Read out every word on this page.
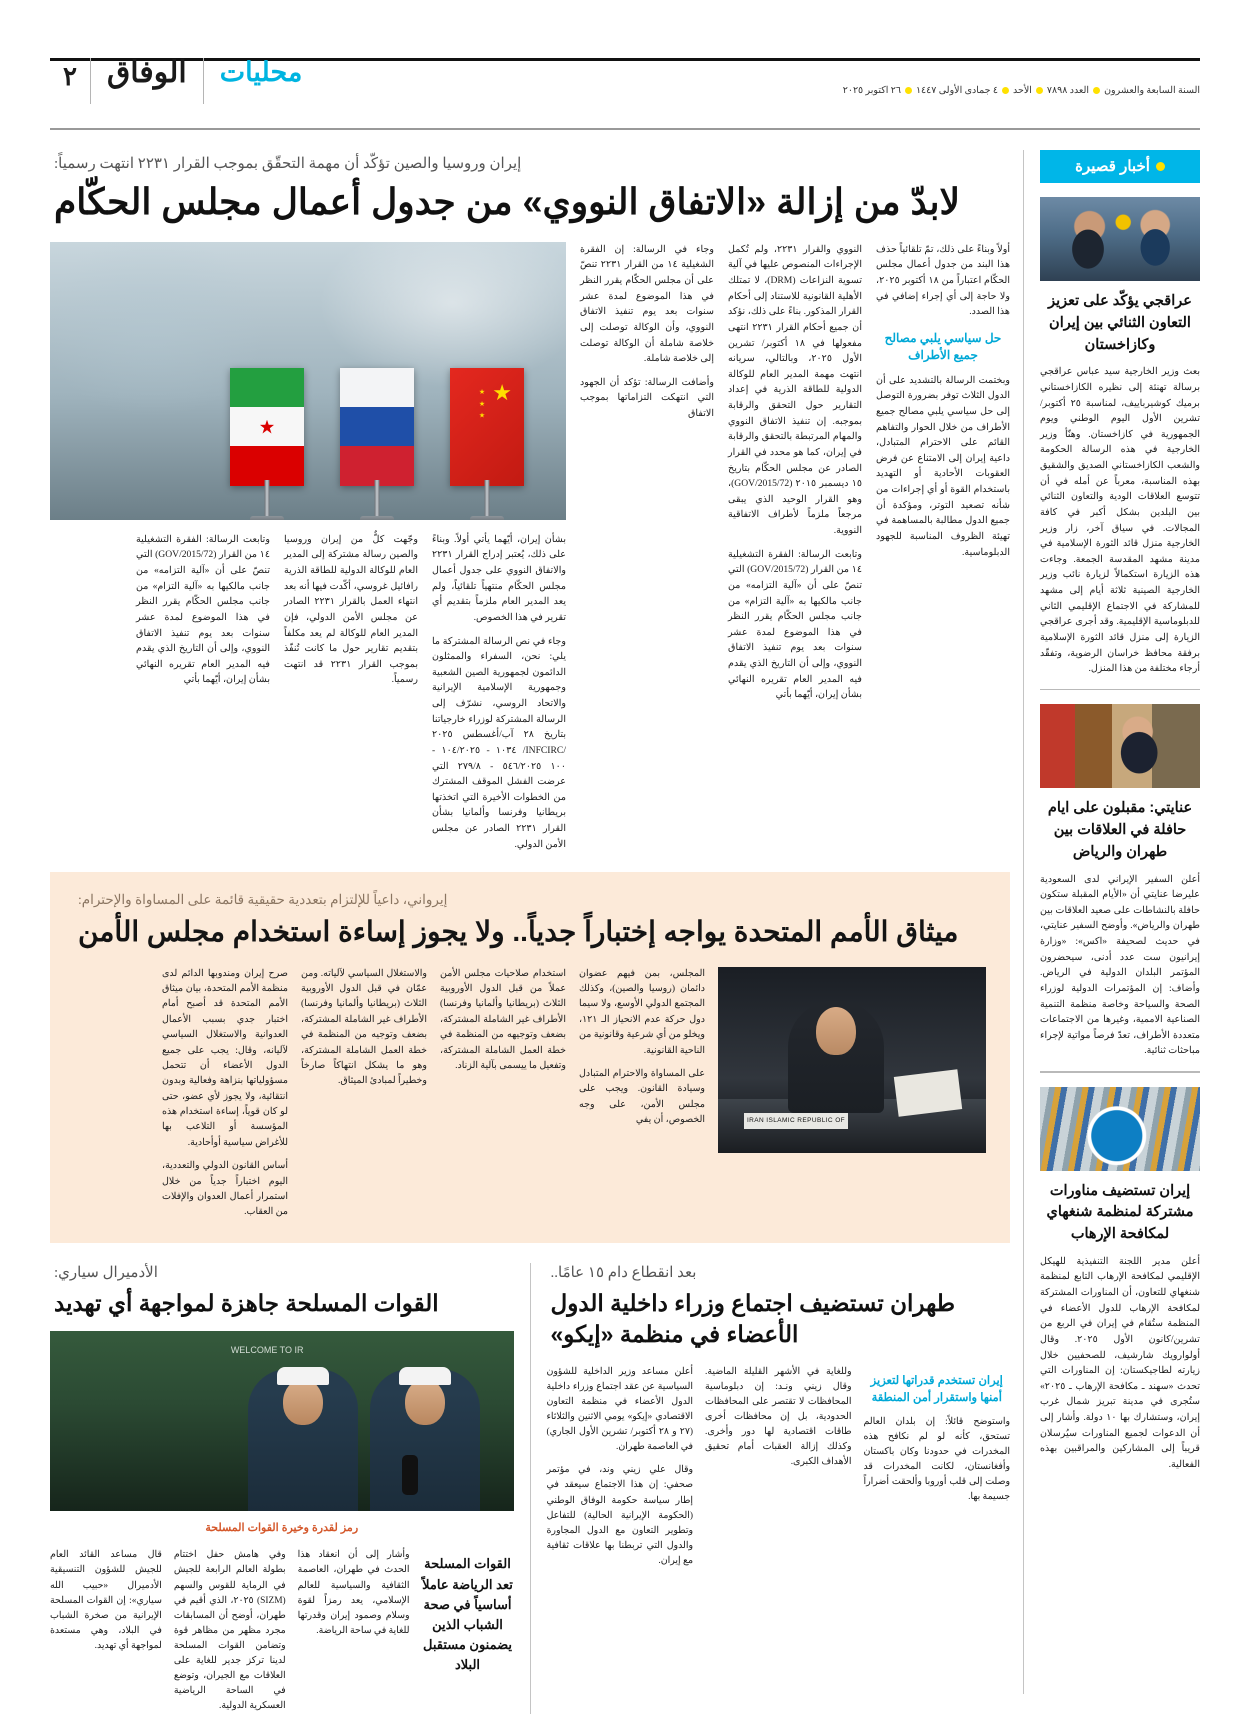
السنة السابعة والعشرون
العدد ٧٨٩٨
الأحد
٤ جمادى الأولى ١٤٤٧
٢٦ اكتوبر ٢٠٢٥
محليات
الوفاق
٢
أخبار قصيرة
عراقجي يؤكّد على تعزيز التعاون الثنائي بين إيران وكازاخستان
بعث وزير الخارجية سيد عباس عراقجي برسالة تهنئة إلى نظيره الكازاخستاني برمیك كوشیرباییف، لمناسبة ٢٥ أكتوبر/تشرين الأول اليوم الوطني ويوم الجمهورية في كازاخستان. وهنّأ وزير الخارجية في هذه الرسالة الحكومة والشعب الكازاخستاني الصديق والشقيق بهذه المناسبة، معرباً عن أمله في أن تتوسع العلاقات الودية والتعاون الثنائي بين البلدين بشكل أكبر في كافة المجالات. في سياق آخر، زار وزير الخارجية منزل قائد الثورة الإسلامية في مدينة مشهد المقدسة الجمعة. وجاءت هذه الزيارة استكمالاً لزيارة نائب وزير الخارجية الصينية ثلاثة أيام إلى مشهد للمشاركة في الاجتماع الإقليمي الثاني للدبلوماسية الإقليمية. وقد أجرى عراقجي الزيارة إلى منزل قائد الثورة الإسلامية برفقة محافظ خراسان الرضوية، وتفقّد أرجاء مختلفة من هذا المنزل.
عنايتي: مقبلون على ايام حافلة في العلاقات بين طهران والرياض
أعلن السفير الإيراني لدى السعودية عليرضا عنايتي أن «الأيام المقبلة ستكون حافلة بالنشاطات على صعيد العلاقات بين طهران والرياض». وأوضح السفير عنايتي، في حديث لصحيفة «اكس»: «وزارة إيرانيون ست عدد أدنى، سيحضرون المؤتمر البلدان الدولية في الرياض. وأضاف: إن المؤتمرات الدولية لوزراء الصحة والسياحة وخاصة منظمة التنمية الصناعية الاممية، وغيرها من الاجتماعات متعددة الأطراف، تعدّ فرصاً مواتية لإجراء مباحثات ثنائية.
إيران تستضيف مناورات مشتركة لمنظمة شنغهاي لمكافحة الإرهاب
أعلن مدير اللجنة التنفيذية للهيكل الإقليمي لمكافحة الإرهاب التابع لمنظمة شنغهاي للتعاون، أن المناورات المشتركة لمكافحة الإرهاب للدول الأعضاء في المنظمة ستُقام في إيران في الربع من تشرين/كانون الأول ٢٠٢٥. وقال أولوارويك شارشيف، للصحفيين خلال زيارته لطاجيكستان: إن المناورات التي تحدث «سهند ـ مكافحة الإرهاب ـ ٢٠٢٥» ستُجرى في مدينة تبريز شمال غرب إيران، وستشارك بها ١٠ دولة. وأشار إلى أن الدعوات لجميع المناورات سيُرسلان قريباً إلى المشاركين والمراقبين بهذه الفعالية.
إيران وروسيا والصين تؤكّد أن مهمة التحقّق بموجب القرار ٢٢٣١ انتهت رسمياً:
لابدّ من إزالة «الاتفاق النووي» من جدول أعمال مجلس الحكّام
أولاً وبناءً على ذلك، تمّ تلقائياً حذف هذا البند من جدول أعمال مجلس الحكّام اعتباراً من ١٨ أكتوبر ٢٠٢٥، ولا حاجة إلى أي إجراء إضافي في هذا الصدد.
حل سياسي يلبي مصالح جميع الأطراف
وبختمت الرسالة بالتشديد على أن الدول الثلاث توفر بضرورة التوصل إلى حل سياسي يلبي مصالح جميع الأطراف من خلال الحوار والتفاهم القائم على الاحترام المتبادل، داعية إيران إلى الامتناع عن فرض العقوبات الأحادية أو التهديد باستخدام القوة أو أي إجراءات من شأنه تصعيد التوتر، ومؤكدة أن جميع الدول مطالبة بالمساهمة في تهيئة الظروف المناسبة للجهود الدبلوماسية.
النووي والقرار ٢٢٣١، ولم تُكمل الإجراءات المنصوص عليها في آلية تسوية النزاعات (DRM)، لا تمتلك الأهلية القانونية للاستناد إلى أحكام القرار المذكور. بناءً على ذلك، نؤكد أن جميع أحكام القرار ٢٢٣١ انتهى مفعولها في ١٨ أكتوبر/ تشرين الأول ٢٠٢٥، وبالتالي، سريانه انتهت مهمة المدير العام للوكالة الدولية للطاقة الذرية في إعداد التقارير حول التحقق والرقابة بموجبه. إن تنفيذ الاتفاق النووي والمهام المرتبطة بالتحقق والرقابة في إيران، كما هو محدد في القرار الصادر عن مجلس الحكّام بتاريخ ١٥ ديسمبر ٢٠١٥ (GOV/2015/72)، وهو القرار الوحيد الذي يبقى مرجعاً ملزماً لأطراف الاتفاقية النووية.
وتابعت الرسالة: الفقرة التشغيلية ١٤ من القرار (GOV/2015/72) التي تنصّ على أن «آلية التزامه» من جانب مالكيها به «آلية التزام» من جانب مجلس الحكّام يقرر النظر في هذا الموضوع لمدة عشر سنوات بعد يوم تنفيذ الاتفاق النووي، وإلى أن التاريخ الذي يقدم فيه المدير العام تقريره النهائي بشأن إيران، أيّهما بأتي
وجاء في الرسالة: إن الفقرة الشغيلية ١٤ من القرار ٢٢٣١ تنصّ على أن مجلس الحكّام يقرر النظر في هذا الموضوع لمدة عشر سنوات بعد يوم تنفيذ الاتفاق النووي، وأن الوكالة توصلت إلى خلاصة شاملة أن الوكالة توصلت إلى خلاصة شاملة.
وأضافت الرسالة: تؤكد أن الجهود التي انتهكت التزاماتها بموجب الاتفاق
★
★ ★ ★
بشأن إيران، أيّهما يأتي أولاً. وبناءً على ذلك، يُعتبر إدراج القرار ٢٢٣١ والاتفاق النووي على جدول أعمال مجلس الحكّام منتهياً تلقائياً، ولم يعد المدير العام ملزماً بتقديم أي تقرير في هذا الخصوص.
وجاء في نص الرسالة المشتركة ما يلي: نحن، السفراء والممثلون الدائمون لجمهورية الصين الشعبية وجمهورية الإسلامية الإيرانية والاتحاد الروسي، نشرّف إلى الرسالة المشتركة لوزراء خارجياتنا بتاريخ ٢٨ آب/أغسطس ٢٠٢٥ /INFCIRC/ ١٠٣٤ - ١٠٤/٢٠٢٥ - ١٠٠ ٥٤٦/٢٠٢٥ - ٢٧٩/٨ التي عرضت الفشل الموقف المشترك من الخطوات الأخيرة التي اتخذتها بريطانيا وفرنسا وألمانيا بشأن القرار ٢٢٣١ الصادر عن مجلس الأمن الدولي.
وجّهت كلٌّ من إيران وروسيا والصين رسالة مشتركة إلى المدير العام للوكالة الدولية للطاقة الذرية رافائيل غروسي، أكّدت فيها أنه بعد انتهاء العمل بالقرار ٢٢٣١ الصادر عن مجلس الأمن الدولي، فإن المدير العام للوكالة لم يعد مكلفاً بتقديم تقارير حول ما كانت تُنفّذ بموجب القرار ٢٢٣١ قد انتهت رسمياً.
وتابعت الرسالة: الفقرة التشغيلية ١٤ من القرار (GOV/2015/72) التي تنصّ على أن «آلية التزامه» من جانب مالكيها به «آلية التزام» من جانب مجلس الحكّام يقرر النظر في هذا الموضوع لمدة عشر سنوات بعد يوم تنفيذ الاتفاق النووي، وإلى أن التاريخ الذي يقدم فيه المدير العام تقريره النهائي بشأن إيران، أيّهما بأتي
إيرواني، داعياً للإلتزام بتعددية حقيقية قائمة على المساواة والإحترام:
ميثاق الأمم المتحدة يواجه إختباراً جدياً.. ولا يجوز إساءة استخدام مجلس الأمن
IRAN ISLAMIC REPUBLIC OF
المجلس، بمن فيهم عضوان دائمان (روسيا والصين)، وكذلك المجتمع الدولي الأوسع، ولا سيما دول حركة عدم الانحياز الـ ١٢١، ويخلو من أي شرعية وقانونية من الناحية القانونية.
على المساواة والاحترام المتبادل وسيادة القانون. ويجب على مجلس الأمن، على وجه الخصوص، أن يفي
استخدام صلاحيات مجلس الأمن عملاً من قبل الدول الأوروبية الثلاث (بريطانيا وألمانيا وفرنسا) الأطراف غير الشاملة المشتركة، بضعف وتوجيهه من المنظمة في خطة العمل الشاملة المشتركة، وتفعيل ما ييسمى بآلية الزناد.
والاستغلال السياسي لآلياته. ومن عمّان في قبل الدول الأوروبية الثلاث (بريطانيا وألمانيا وفرنسا) الأطراف غير الشاملة المشتركة، بضعف وتوجيه من المنظمة في خطة العمل الشاملة المشتركة، وهو ما يشكل انتهاكاً صارخاً وخطيراً لمبادئ الميثاق.
صرح إيران ومندوبها الدائم لدى منظمة الأمم المتحدة، بيان ميثاق الأمم المتحدة قد أصبح أمام اختبار جدي بسبب الأعمال العدوانية والاستغلال السياسي لآليانه، وقال: يجب على جميع الدول الأعضاء أن تتحمل مسؤولياتها بنزاهة وفعالية وبدون انتقائية، ولا يجوز لأي عضو، حتى لو كان قوياً، إساءة استخدام هذه المؤسسة أو التلاعب بها للأغراض سياسية أوأحادية.
أساس القانون الدولي والتعددية، اليوم اختباراً جدياً من خلال استمرار أعمال العدوان والإفلات من العقاب.
بعد انقطاع دام ١٥ عامًا..
طهران تستضيف اجتماع وزراء داخلية الدول الأعضاء في منظمة «إيكو»
إيران تستخدم قدراتها لتعزيز أمنها واستقرار أمن المنطقة
واستوضح قائلاً: إن بلدان العالم تستحق، كأنه لو لم نكافح هذه المخدرات في حدودنا وكان باكستان وأفغانستان، لكانت المخدرات قد وصلت إلى قلب أوروبا وألحقت أضراراً جسيمة بها.
وللغاية في الأشهر القليلة الماضية. وقال زيني ونـد: إن دبلوماسية المحافظات لا تقتصر على المحافظات الحدودية، بل إن محافظات أخرى طاقات اقتصادية لها دور وأخرى. وكذلك إزالة العقبات أمام تحقيق الأهداف الكبرى.
أعلن مساعد وزير الداخلية للشؤون السياسية عن عقد اجتماع وزراء داخلية الدول الأعضاء في منظمة التعاون الاقتصادي «إيكو» يومي الاثنين والثلاثاء (٢٧ و ٢٨ أكتوبر/ تشرين الأول الجاري) في العاصمة طهران.
وقال علي زيني وند، في مؤتمر صحفي: إن هذا الاجتماع سيعقد في إطار سياسة حكومة الوفاق الوطني (الحكومة الإيرانية الحالية) للتفاعل وتطوير التعاون مع الدول المجاورة والدول التي تربطنا بها علاقات ثقافية مع إيران.
الأدميرال سياري:
القوات المسلحة جاهزة لمواجهة أي تهديد
WELCOME TO IR
رمز لقدرة وخيرة القوات المسلحة
القوات المسلحة تعد الرياضة عاملاً أساسياً في صحة الشباب الذين يضمنون مستقبل البلاد
وأشار إلى أن انعقاد هذا الحدث في طهران، العاصمة الثقافية والسياسية للعالم الإسلامي، يعد رمزاً لقوة وسلام وصمود إيران وقدرتها للغاية في ساحة الرياضة.
وفي هامش حفل اختتام بطولة العالم الرابعة للجيش في الرماية للقوس والسهم (SIZM) ٢٠٢٥، الذي أقيم في طهران، أوضح أن المسابقات مجرد مظهر من مظاهر قوة وتضامن القوات المسلحة لدينا تركز جدير للغاية على العلاقات مع الجيران، وتوضع في الساحة الرياضية العسكرية الدولية.
قال مساعد القائد العام للجيش للشؤون التنسيقية الأدميرال «حبيب الله سياري»: إن القوات المسلحة الإيرانية من صخرة الشباب في البلاد، وهي مستعدة لمواجهة أي تهديد.
